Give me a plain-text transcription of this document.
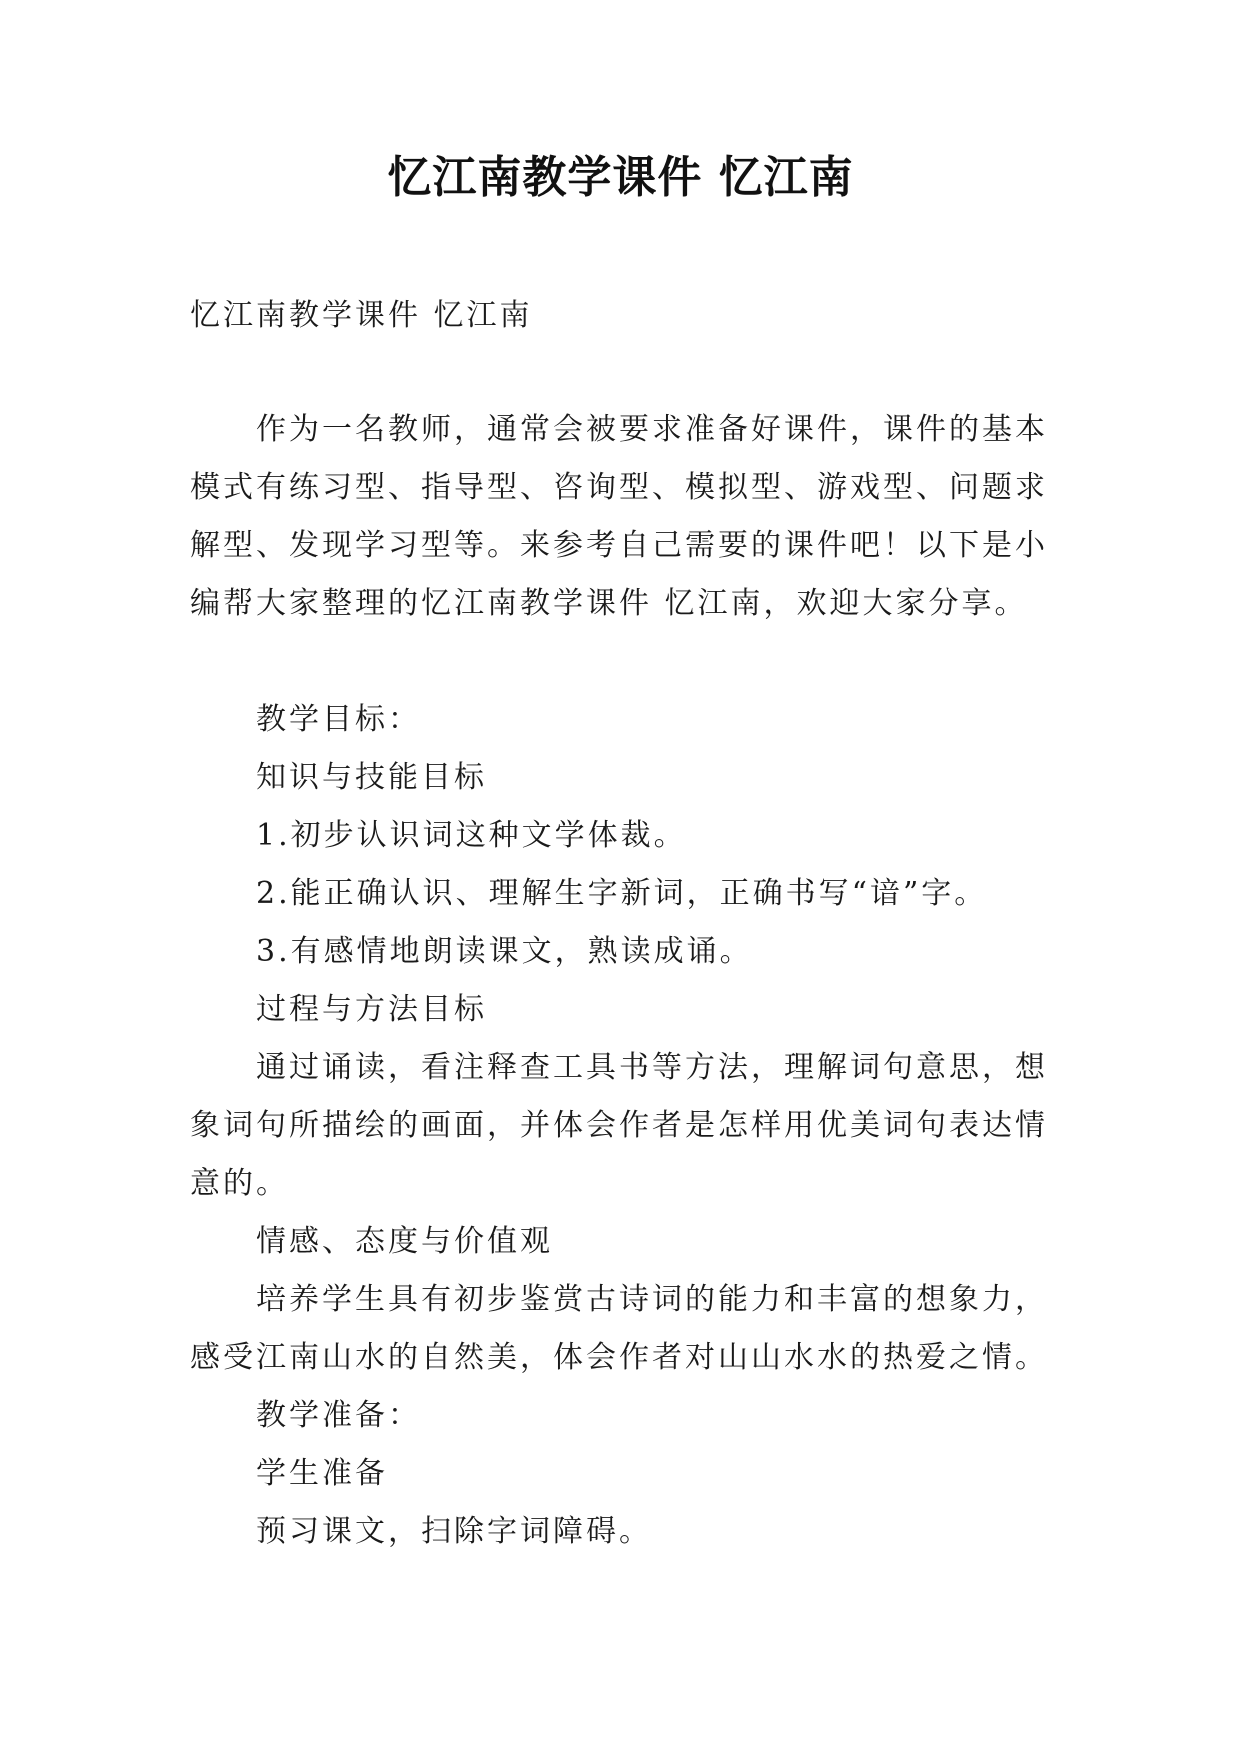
忆江南教学课件 忆江南

忆江南教学课件 忆江南

作为一名教师，通常会被要求准备好课件，课件的基本模式有练习型、指导型、咨询型、模拟型、游戏型、问题求解型、发现学习型等。来参考自己需要的课件吧！以下是小编帮大家整理的忆江南教学课件 忆江南，欢迎大家分享。

教学目标：

知识与技能目标

1.初步认识词这种文学体裁。

2.能正确认识、理解生字新词，正确书写“谙”字。

3.有感情地朗读课文，熟读成诵。

过程与方法目标

通过诵读，看注释查工具书等方法，理解词句意思，想象词句所描绘的画面，并体会作者是怎样用优美词句表达情意的。

情感、态度与价值观

培养学生具有初步鉴赏古诗词的能力和丰富的想象力，感受江南山水的自然美，体会作者对山山水水的热爱之情。

教学准备：

学生准备

预习课文，扫除字词障碍。
